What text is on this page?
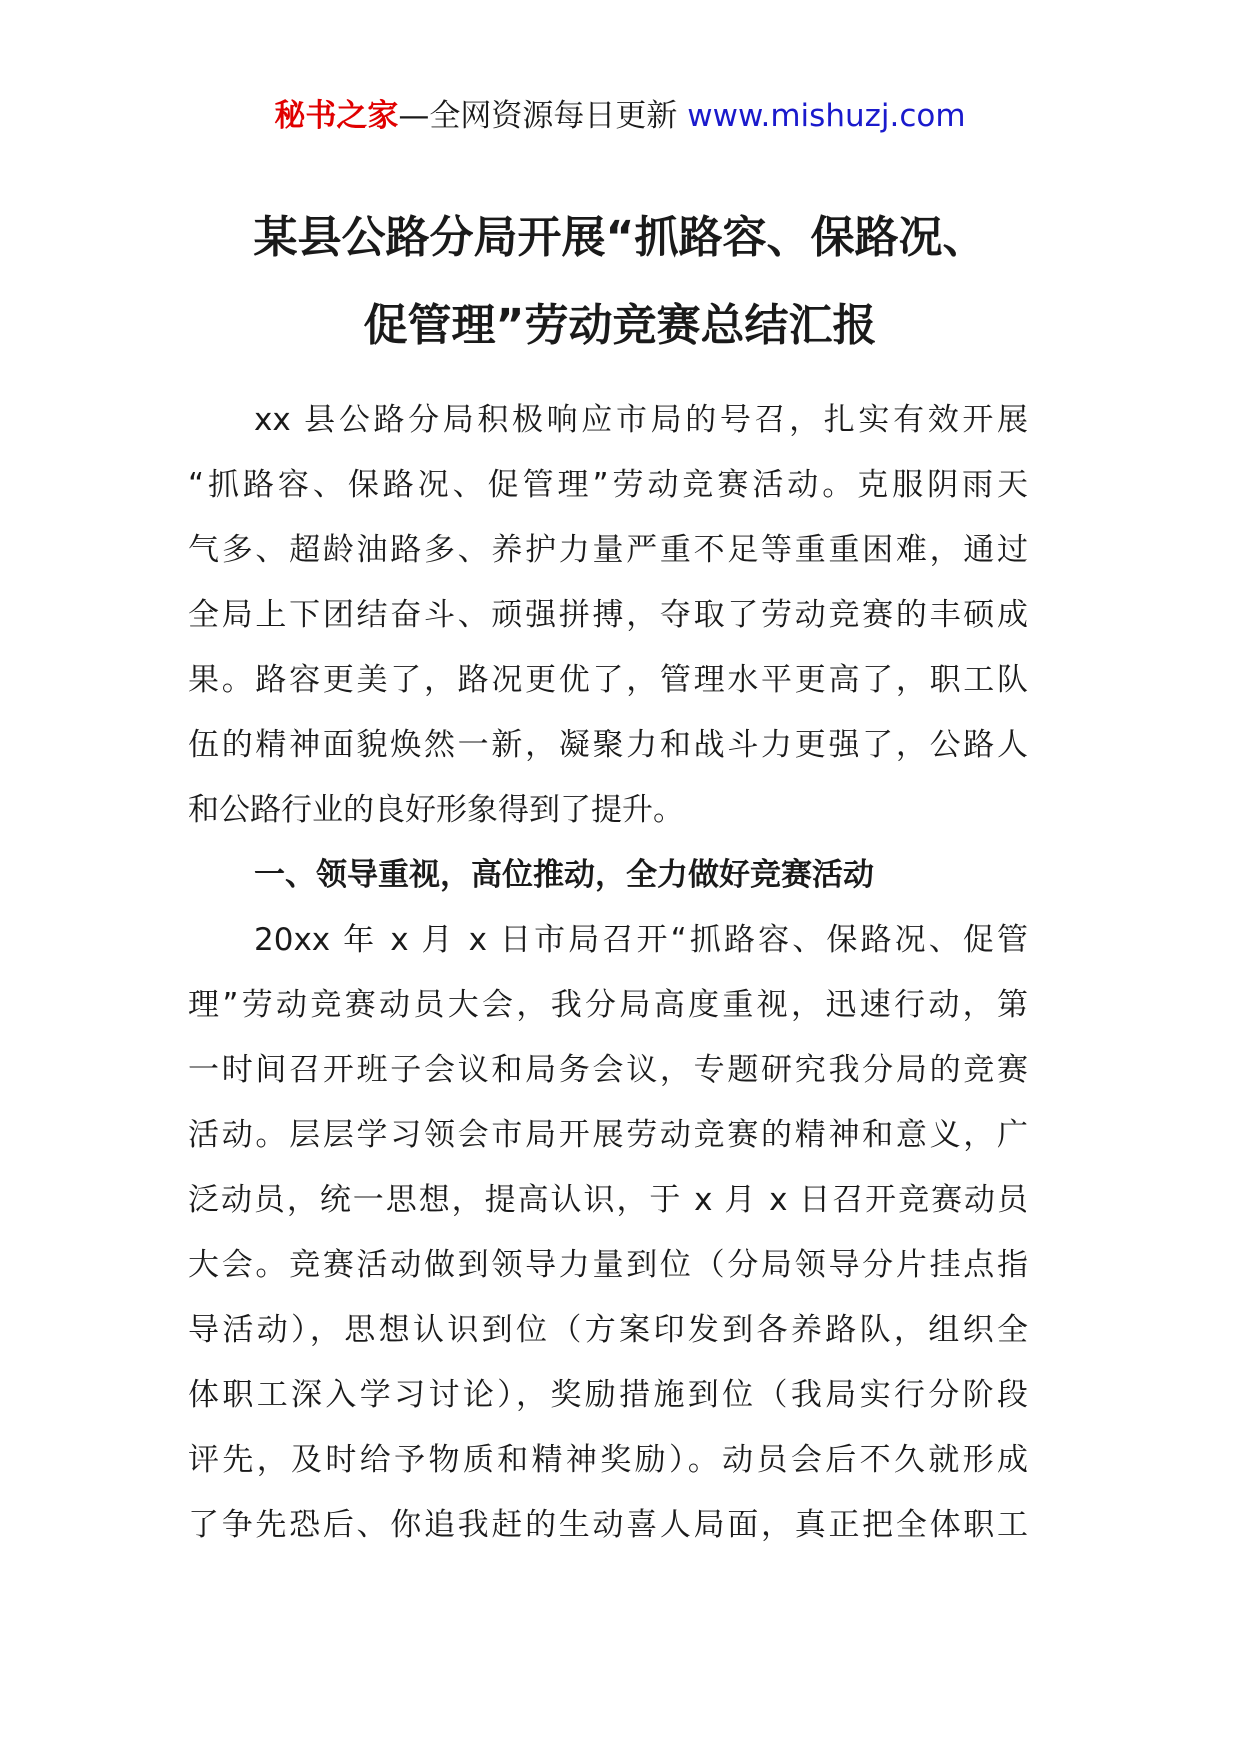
秘书之家—全网资源每日更新 www.mishuzj.com
某县公路分局开展“抓路容、保路况、
促管理”劳动竞赛总结汇报
xx 县公路分局积极响应市局的号召，扎实有效开展
“抓路容、保路况、促管理”劳动竞赛活动。克服阴雨天
气多、超龄油路多、养护力量严重不足等重重困难，通过
全局上下团结奋斗、顽强拼搏，夺取了劳动竞赛的丰硕成
果。路容更美了，路况更优了，管理水平更高了，职工队
伍的精神面貌焕然一新，凝聚力和战斗力更强了，公路人
和公路行业的良好形象得到了提升。
一、领导重视，高位推动，全力做好竞赛活动
20xx 年 x 月 x 日市局召开“抓路容、保路况、促管
理”劳动竞赛动员大会，我分局高度重视，迅速行动，第
一时间召开班子会议和局务会议，专题研究我分局的竞赛
活动。层层学习领会市局开展劳动竞赛的精神和意义，广
泛动员，统一思想，提高认识，于 x 月 x 日召开竞赛动员
大会。竞赛活动做到领导力量到位（分局领导分片挂点指
导活动），思想认识到位（方案印发到各养路队，组织全
体职工深入学习讨论），奖励措施到位（我局实行分阶段
评先，及时给予物质和精神奖励）。动员会后不久就形成
了争先恐后、你追我赶的生动喜人局面，真正把全体职工
